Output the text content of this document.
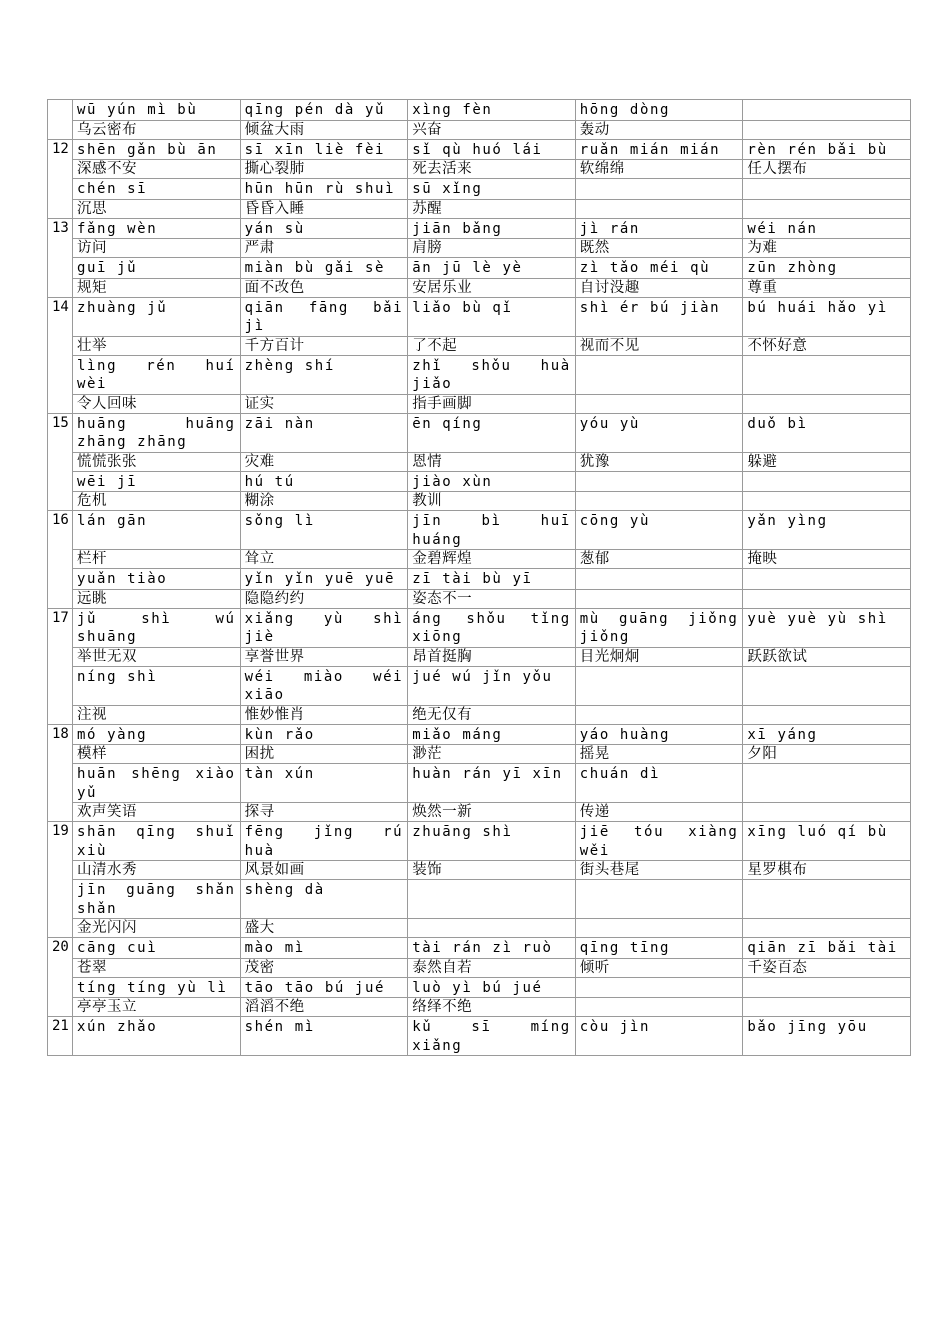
	wū yún mì bù	qīng pén dà yǔ	xìng fèn	hōng dòng	
	乌云密布	倾盆大雨	兴奋	轰动	
12	shēn gǎn bù ān	sī xīn liè fèi	sǐ qù huó lái	ruǎn mián mián	rèn rén bǎi bù
	深感不安	撕心裂肺	死去活来	软绵绵	任人摆布
	chén sī	hūn hūn rù shuì	sū xǐng		
	沉思	昏昏入睡	苏醒		
13	fǎng wèn	yán sù	jiān bǎng	jì rán	wéi nán
	访问	严肃	肩膀	既然	为难
	guī jǔ	miàn bù gǎi sè	ān jū lè yè	zì tǎo méi qù	zūn zhòng
	规矩	面不改色	安居乐业	自讨没趣	尊重
14	zhuàng jǔ	qiān fāng bǎi jì	liǎo bù qǐ	shì ér bú jiàn	bú huái hǎo yì
	壮举	千方百计	了不起	视而不见	不怀好意
	lìng rén huí wèi	zhèng shí	zhǐ shǒu huà jiǎo		
	令人回味	证实	指手画脚		
15	huāng huāng zhāng zhāng	zāi nàn	ēn qíng	yóu yù	duǒ bì
	慌慌张张	灾难	恩情	犹豫	躲避
	wēi jī	hú tú	jiào xùn		
	危机	糊涂	教训		
16	lán gān	sǒng lì	jīn bì huī huáng	cōng yù	yǎn yìng
	栏杆	耸立	金碧辉煌	葱郁	掩映
	yuǎn tiào	yǐn yǐn yuē yuē	zī tài bù yī		
	远眺	隐隐约约	姿态不一		
17	jǔ shì wú shuāng	xiǎng yù shì jiè	áng shǒu tǐng xiōng	mù guāng jiǒng jiǒng	yuè yuè yù shì
	举世无双	享誉世界	昂首挺胸	目光炯炯	跃跃欲试
	níng shì	wéi miào wéi xiāo	jué wú jǐn yǒu		
	注视	惟妙惟肖	绝无仅有		
18	mó yàng	kùn rǎo	miǎo máng	yáo huàng	xī yáng
	模样	困扰	渺茫	摇晃	夕阳
	huān shēng xiào yǔ	tàn xún	huàn rán yī xīn	chuán dì	
	欢声笑语	探寻	焕然一新	传递	
19	shān qīng shuǐ xiù	fēng jǐng rú huà	zhuāng shì	jiē tóu xiàng wěi	xīng luó qí bù
	山清水秀	风景如画	装饰	街头巷尾	星罗棋布
	jīn guāng shǎn shǎn	shèng dà			
	金光闪闪	盛大			
20	cāng cuì	mào mì	tài rán zì ruò	qīng tīng	qiān zī bǎi tài
	苍翠	茂密	泰然自若	倾听	千姿百态
	tíng tíng yù lì	tāo tāo bú jué	luò yì bú jué		
	亭亭玉立	滔滔不绝	络绎不绝		
21	xún zhǎo	shén mì	kǔ sī míng xiǎng	còu jìn	bǎo jīng yōu
